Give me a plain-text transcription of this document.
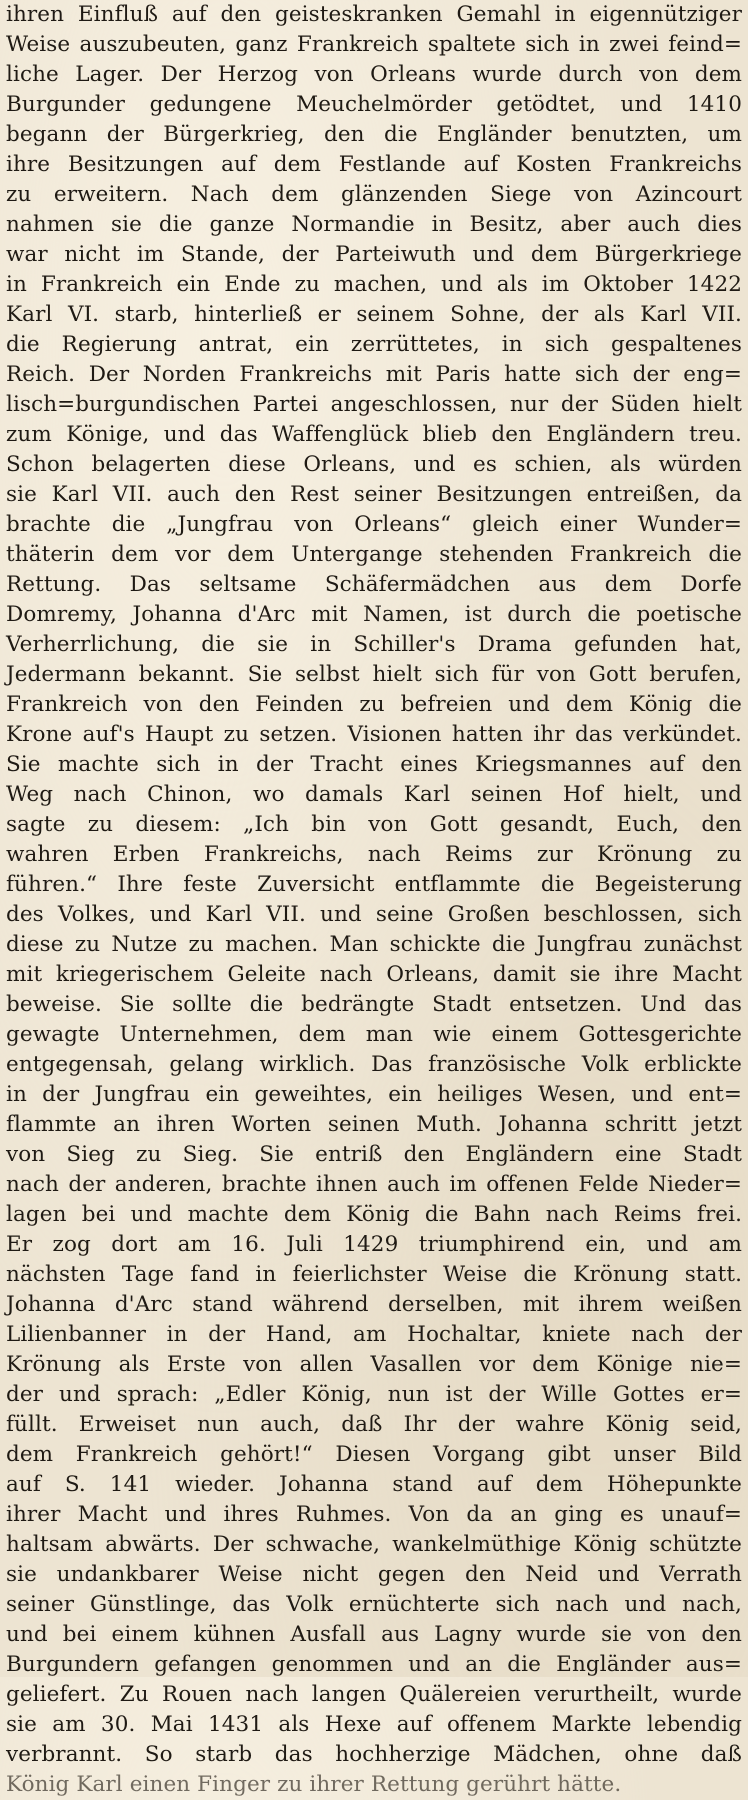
ihren Einfluß auf den geisteskranken Gemahl in eigennütziger
Weise auszubeuten, ganz Frankreich spaltete sich in zwei feind=
liche Lager. Der Herzog von Orleans wurde durch von dem
Burgunder gedungene Meuchelmörder getödtet, und 1410
begann der Bürgerkrieg, den die Engländer benutzten, um
ihre Besitzungen auf dem Festlande auf Kosten Frankreichs
zu erweitern. Nach dem glänzenden Siege von Azincourt
nahmen sie die ganze Normandie in Besitz, aber auch dies
war nicht im Stande, der Parteiwuth und dem Bürgerkriege
in Frankreich ein Ende zu machen, und als im Oktober 1422
Karl VI. starb, hinterließ er seinem Sohne, der als Karl VII.
die Regierung antrat, ein zerrüttetes, in sich gespaltenes
Reich. Der Norden Frankreichs mit Paris hatte sich der eng=
lisch=burgundischen Partei angeschlossen, nur der Süden hielt
zum Könige, und das Waffenglück blieb den Engländern treu.
Schon belagerten diese Orleans, und es schien, als würden
sie Karl VII. auch den Rest seiner Besitzungen entreißen, da
brachte die „Jungfrau von Orleans“ gleich einer Wunder=
thäterin dem vor dem Untergange stehenden Frankreich die
Rettung. Das seltsame Schäfermädchen aus dem Dorfe
Domremy, Johanna d'Arc mit Namen, ist durch die poetische
Verherrlichung, die sie in Schiller's Drama gefunden hat,
Jedermann bekannt. Sie selbst hielt sich für von Gott berufen,
Frankreich von den Feinden zu befreien und dem König die
Krone auf's Haupt zu setzen. Visionen hatten ihr das verkündet.
Sie machte sich in der Tracht eines Kriegsmannes auf den
Weg nach Chinon, wo damals Karl seinen Hof hielt, und
sagte zu diesem: „Ich bin von Gott gesandt, Euch, den
wahren Erben Frankreichs, nach Reims zur Krönung zu
führen.“ Ihre feste Zuversicht entflammte die Begeisterung
des Volkes, und Karl VII. und seine Großen beschlossen, sich
diese zu Nutze zu machen. Man schickte die Jungfrau zunächst
mit kriegerischem Geleite nach Orleans, damit sie ihre Macht
beweise. Sie sollte die bedrängte Stadt entsetzen. Und das
gewagte Unternehmen, dem man wie einem Gottesgerichte
entgegensah, gelang wirklich. Das französische Volk erblickte
in der Jungfrau ein geweihtes, ein heiliges Wesen, und ent=
flammte an ihren Worten seinen Muth. Johanna schritt jetzt
von Sieg zu Sieg. Sie entriß den Engländern eine Stadt
nach der anderen, brachte ihnen auch im offenen Felde Nieder=
lagen bei und machte dem König die Bahn nach Reims frei.
Er zog dort am 16. Juli 1429 triumphirend ein, und am
nächsten Tage fand in feierlichster Weise die Krönung statt.
Johanna d'Arc stand während derselben, mit ihrem weißen
Lilienbanner in der Hand, am Hochaltar, kniete nach der
Krönung als Erste von allen Vasallen vor dem Könige nie=
der und sprach: „Edler König, nun ist der Wille Gottes er=
füllt. Erweiset nun auch, daß Ihr der wahre König seid,
dem Frankreich gehört!“ Diesen Vorgang gibt unser Bild
auf S. 141 wieder. Johanna stand auf dem Höhepunkte
ihrer Macht und ihres Ruhmes. Von da an ging es unauf=
haltsam abwärts. Der schwache, wankelmüthige König schützte
sie undankbarer Weise nicht gegen den Neid und Verrath
seiner Günstlinge, das Volk ernüchterte sich nach und nach,
und bei einem kühnen Ausfall aus Lagny wurde sie von den
Burgundern gefangen genommen und an die Engländer aus=
geliefert. Zu Rouen nach langen Quälereien verurtheilt, wurde
sie am 30. Mai 1431 als Hexe auf offenem Markte lebendig
verbrannt. So starb das hochherzige Mädchen, ohne daß
König Karl einen Finger zu ihrer Rettung gerührt hätte.
